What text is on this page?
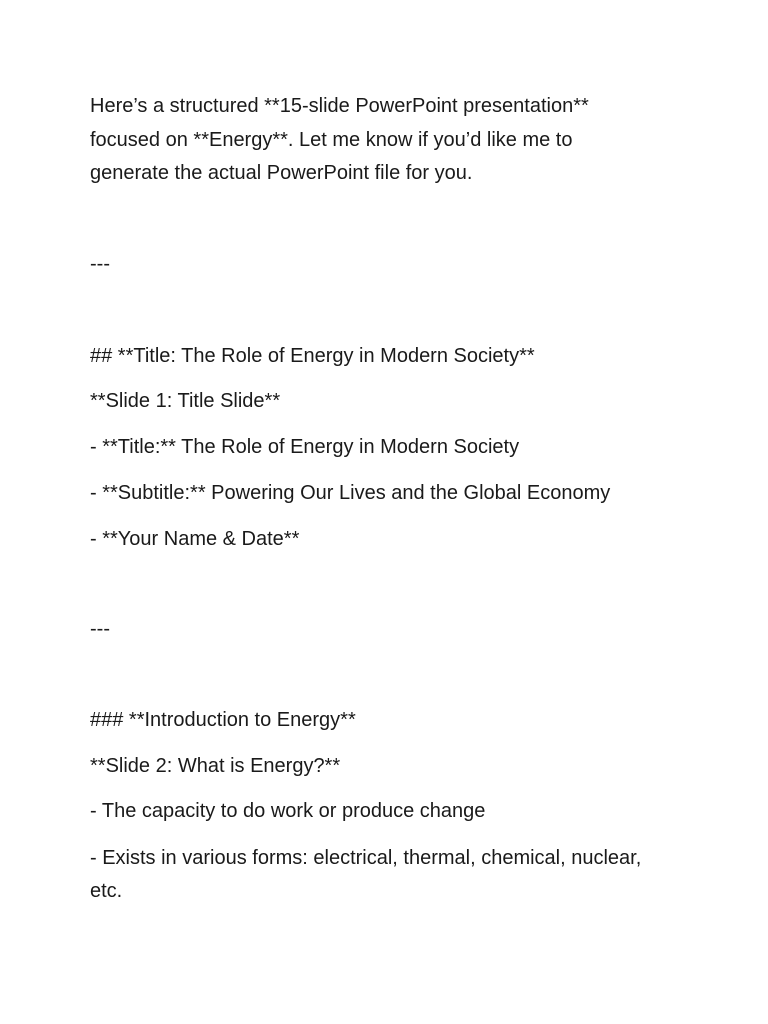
Here’s a structured **15-slide PowerPoint presentation**

focused on **Energy**. Let me know if you’d like me to

generate the actual PowerPoint file for you.

---

## **Title: The Role of Energy in Modern Society**

**Slide 1: Title Slide**

- **Title:** The Role of Energy in Modern Society

- **Subtitle:** Powering Our Lives and the Global Economy

- **Your Name & Date**

---

### **Introduction to Energy**

**Slide 2: What is Energy?**

- The capacity to do work or produce change

- Exists in various forms: electrical, thermal, chemical, nuclear,

etc.
